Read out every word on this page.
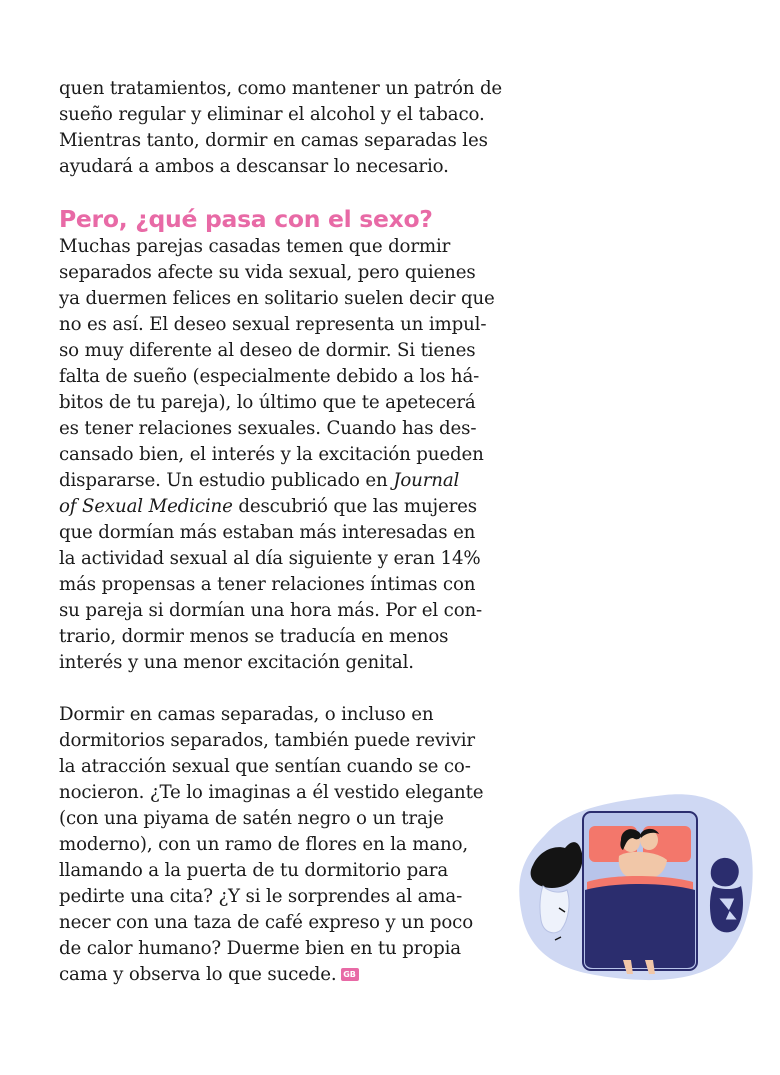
quen tratamientos, como mantener un patrón de
sueño regular y eliminar el alcohol y el tabaco.
Mientras tanto, dormir en camas separadas les
ayudará a ambos a descansar lo necesario.

Pero, ¿qué pasa con el sexo?

Muchas parejas casadas temen que dormir
separados afecte su vida sexual, pero quienes
ya duermen felices en solitario suelen decir que
no es así. El deseo sexual representa un impul-
so muy diferente al deseo de dormir. Si tienes
falta de sueño (especialmente debido a los há-
bitos de tu pareja), lo último que te apetecerá
es tener relaciones sexuales. Cuando has des-
cansado bien, el interés y la excitación pueden
dispararse. Un estudio publicado en Journal
of Sexual Medicine descubrió que las mujeres
que dormían más estaban más interesadas en
la actividad sexual al día siguiente y eran 14%
más propensas a tener relaciones íntimas con
su pareja si dormían una hora más. Por el con-
trario, dormir menos se traducía en menos
interés y una menor excitación genital.

Dormir en camas separadas, o incluso en
dormitorios separados, también puede revivir
la atracción sexual que sentían cuando se co-
nocieron. ¿Te lo imaginas a él vestido elegante
(con una piyama de satén negro o un traje
moderno), con un ramo de flores en la mano,
llamando a la puerta de tu dormitorio para
pedirte una cita? ¿Y si le sorprendes al ama-
necer con una taza de café expreso y un poco
de calor humano? Duerme bien en tu propia
cama y observa lo que sucede. GB
